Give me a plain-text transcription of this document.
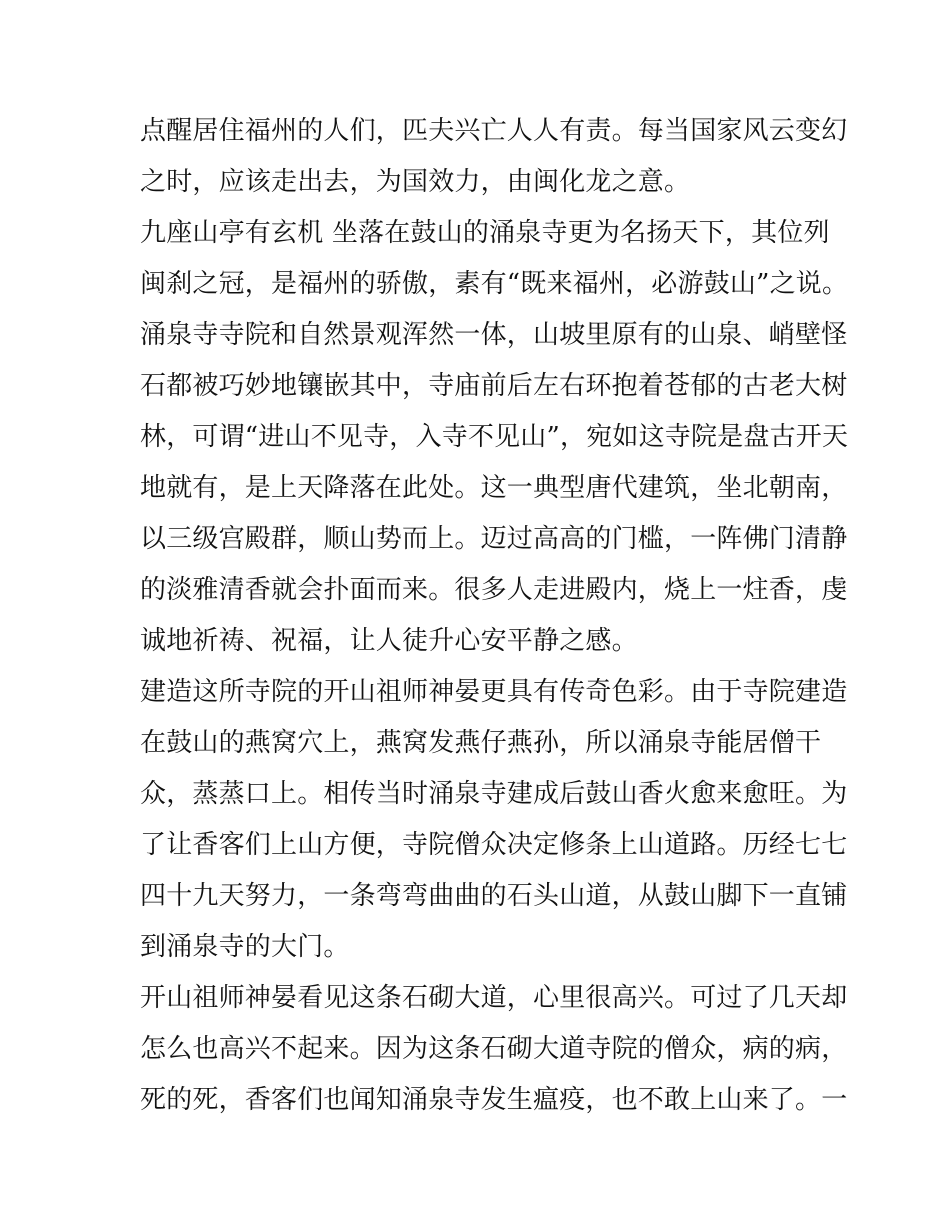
点醒居住福州的人们，匹夫兴亡人人有责。每当国家风云变幻
之时，应该走出去，为国效力，由闽化龙之意。
九座山亭有玄机 坐落在鼓山的涌泉寺更为名扬天下，其位列
闽刹之冠，是福州的骄傲，素有“既来福州，必游鼓山”之说。
涌泉寺寺院和自然景观浑然一体，山坡里原有的山泉、峭壁怪
石都被巧妙地镶嵌其中，寺庙前后左右环抱着苍郁的古老大树
林，可谓“进山不见寺，入寺不见山”，宛如这寺院是盘古开天
地就有，是上天降落在此处。这一典型唐代建筑，坐北朝南，
以三级宫殿群，顺山势而上。迈过高高的门槛，一阵佛门清静
的淡雅清香就会扑面而来。很多人走进殿内，烧上一炷香，虔
诚地祈祷、祝福，让人徒升心安平静之感。
建造这所寺院的开山祖师神晏更具有传奇色彩。由于寺院建造
在鼓山的燕窝穴上，燕窝发燕仔燕孙，所以涌泉寺能居僧干
众，蒸蒸口上。相传当时涌泉寺建成后鼓山香火愈来愈旺。为
了让香客们上山方便，寺院僧众决定修条上山道路。历经七七
四十九天努力，一条弯弯曲曲的石头山道，从鼓山脚下一直铺
到涌泉寺的大门。
开山祖师神晏看见这条石砌大道，心里很高兴。可过了几天却
怎么也高兴不起来。因为这条石砌大道寺院的僧众，病的病，
死的死，香客们也闻知涌泉寺发生瘟疫，也不敢上山来了。一
